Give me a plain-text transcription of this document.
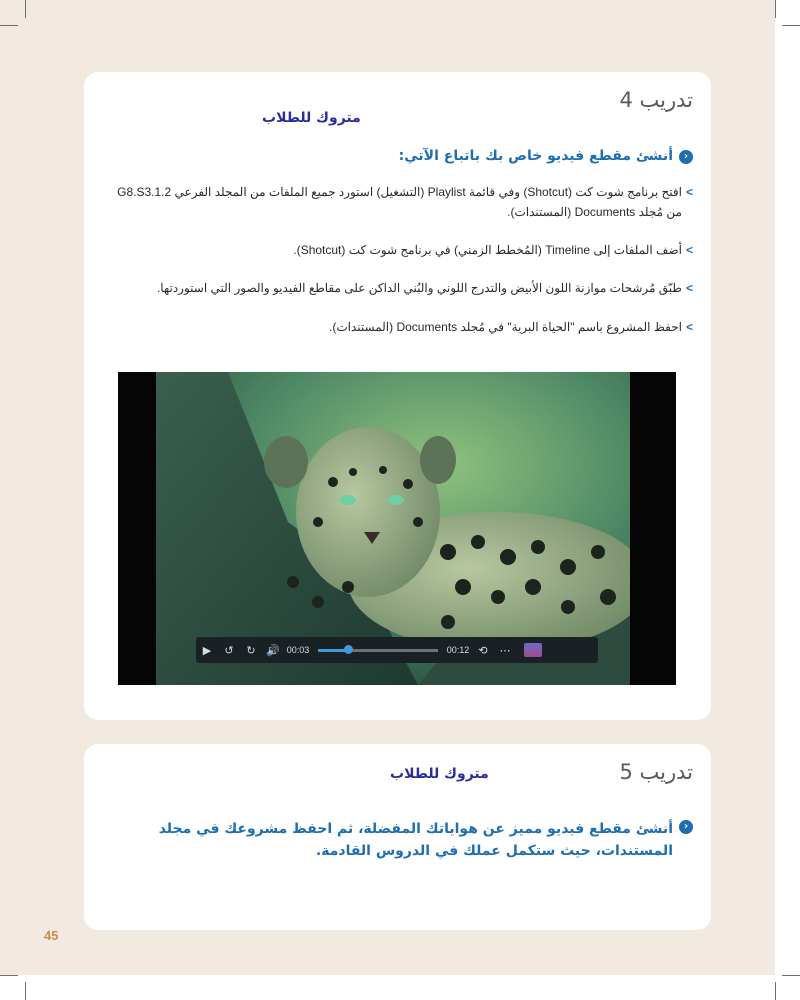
تدريب 4
متروك للطلاب
‹
أنشئ مقطع فيديو خاص بك باتباع الآتي:
>
افتح برنامج شوت كت (Shotcut) وفي قائمة Playlist (التشغيل) استورد جميع الملفات من المجلد الفرعي G8.S3.1.2 من مُجلد Documents (المستندات).
>
أضف الملفات إلى Timeline (المُخطط الزمني) في برنامج شوت كت (Shotcut).
>
طبّق مُرشحات موازنة اللون الأبيض والتدرج اللوني والبُني الداكن على مقاطع الفيديو والصور التي استوردتها.
>
احفظ المشروع باسم "الحياة البرية" في مُجلد Documents (المستندات).
▶	↺	↻ 🔊 00:03	00:12 ⟲	⋯
تدريب 5
متروك للطلاب
‹
أنشئ مقطع فيديو مميز عن هواياتك المفضلة، ثم احفظ مشروعك في مجلد المستندات، حيث ستكمل عملك في الدروس القادمة.
45
